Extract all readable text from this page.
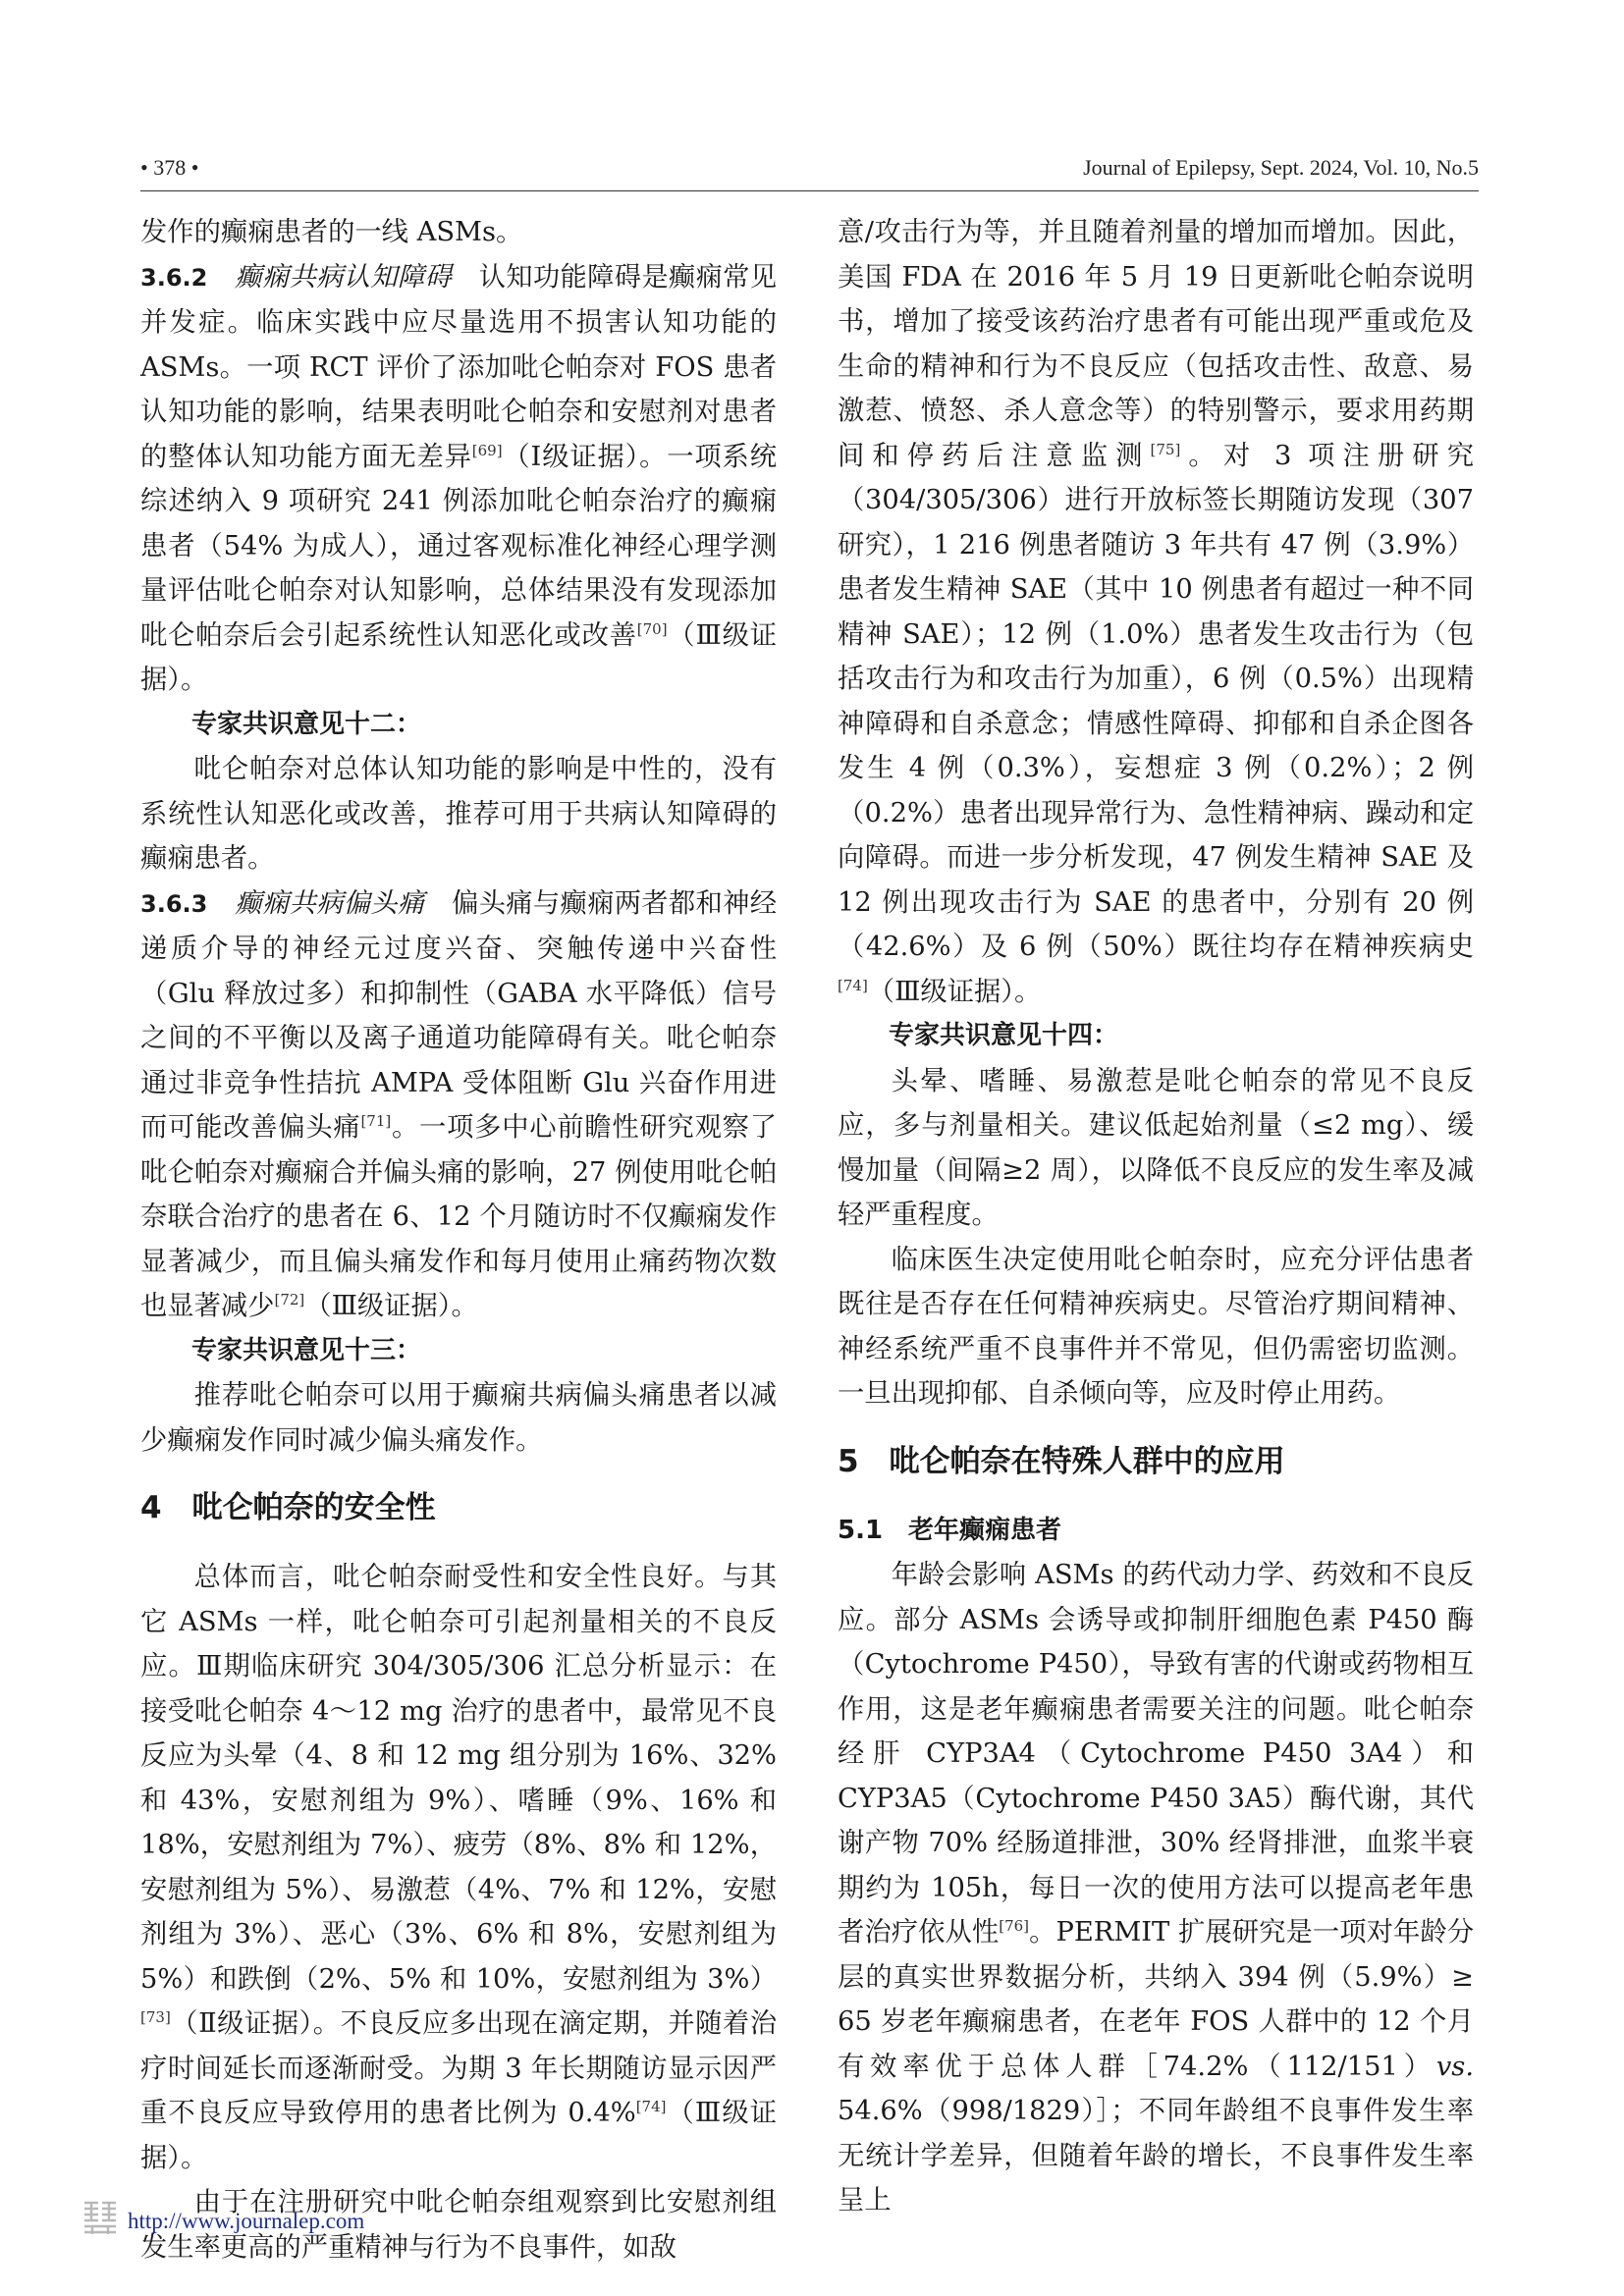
• 378 •	Journal of Epilepsy, Sept. 2024, Vol. 10, No.5

发作的癫痫患者的一线 ASMs。

3.6.2　 癫痫共病认知障碍　 认知功能障碍是癫痫常见并发症。临床实践中应尽量选用不损害认知功能的 ASMs。一项 RCT 评价了添加吡仑帕奈对 FOS 患者认知功能的影响，结果表明吡仑帕奈和安慰剂对患者的整体认知功能方面无差异[69]（Ⅰ级证据）。一项系统综述纳入 9 项研究 241 例添加吡仑帕奈治疗的癫痫患者（54% 为成人），通过客观标准化神经心理学测量评估吡仑帕奈对认知影响，总体结果没有发现添加吡仑帕奈后会引起系统性认知恶化或改善[70]（Ⅲ级证据）。

专家共识意见十二：

吡仑帕奈对总体认知功能的影响是中性的，没有系统性认知恶化或改善，推荐可用于共病认知障碍的癫痫患者。

3.6.3　 癫痫共病偏头痛　 偏头痛与癫痫两者都和神经递质介导的神经元过度兴奋、突触传递中兴奋性（Glu 释放过多）和抑制性（GABA 水平降低）信号之间的不平衡以及离子通道功能障碍有关。吡仑帕奈通过非竞争性拮抗 AMPA 受体阻断 Glu 兴奋作用进而可能改善偏头痛[71]。一项多中心前瞻性研究观察了吡仑帕奈对癫痫合并偏头痛的影响，27 例使用吡仑帕奈联合治疗的患者在 6、12 个月随访时不仅癫痫发作显著减少，而且偏头痛发作和每月使用止痛药物次数也显著减少[72]（Ⅲ级证据）。

专家共识意见十三：

推荐吡仑帕奈可以用于癫痫共病偏头痛患者以减少癫痫发作同时减少偏头痛发作。

4　吡仑帕奈的安全性

总体而言，吡仑帕奈耐受性和安全性良好。与其它 ASMs 一样，吡仑帕奈可引起剂量相关的不良反应。Ⅲ期临床研究 304/305/306 汇总分析显示：在接受吡仑帕奈 4～12 mg 治疗的患者中，最常见不良反应为头晕（4、8 和 12 mg 组分别为 16%、32% 和 43%，安慰剂组为 9%）、嗜睡（9%、16% 和 18%，安慰剂组为 7%）、疲劳（8%、8% 和 12%，安慰剂组为 5%）、易激惹（4%、7% 和 12%，安慰剂组为 3%）、恶心（3%、6% 和 8%，安慰剂组为 5%）和跌倒（2%、5% 和 10%，安慰剂组为 3%）[73]（Ⅱ级证据）。不良反应多出现在滴定期，并随着治疗时间延长而逐渐耐受。为期 3 年长期随访显示因严重不良反应导致停用的患者比例为 0.4%[74]（Ⅲ级证据）。

由于在注册研究中吡仑帕奈组观察到比安慰剂组发生率更高的严重精神与行为不良事件，如敌

意/攻击行为等，并且随着剂量的增加而增加。因此，美国 FDA 在 2016 年 5 月 19 日更新吡仑帕奈说明书，增加了接受该药治疗患者有可能出现严重或危及生命的精神和行为不良反应（包括攻击性、敌意、易激惹、愤怒、杀人意念等）的特别警示，要求用药期间和停药后注意监测[75]。对 3 项注册研究（304/305/306）进行开放标签长期随访发现（307 研究），1 216 例患者随访 3 年共有 47 例（3.9%）患者发生精神 SAE（其中 10 例患者有超过一种不同精神 SAE）；12 例（1.0%）患者发生攻击行为（包括攻击行为和攻击行为加重），6 例（0.5%）出现精神障碍和自杀意念；情感性障碍、抑郁和自杀企图各发生 4 例（0.3%），妄想症 3 例（0.2%）；2 例（0.2%）患者出现异常行为、急性精神病、躁动和定向障碍。而进一步分析发现，47 例发生精神 SAE 及 12 例出现攻击行为 SAE 的患者中，分别有 20 例（42.6%）及 6 例（50%）既往均存在精神疾病史[74]（Ⅲ级证据）。

专家共识意见十四：

头晕、嗜睡、易激惹是吡仑帕奈的常见不良反应，多与剂量相关。建议低起始剂量（≤2 mg）、缓慢加量（间隔≥2 周），以降低不良反应的发生率及减轻严重程度。

临床医生决定使用吡仑帕奈时，应充分评估患者既往是否存在任何精神疾病史。尽管治疗期间精神、神经系统严重不良事件并不常见，但仍需密切监测。一旦出现抑郁、自杀倾向等，应及时停止用药。

5　吡仑帕奈在特殊人群中的应用

5.1　老年癫痫患者

年龄会影响 ASMs 的药代动力学、药效和不良反应。部分 ASMs 会诱导或抑制肝细胞色素 P450 酶（Cytochrome P450），导致有害的代谢或药物相互作用，这是老年癫痫患者需要关注的问题。吡仑帕奈经肝 CYP3A4（Cytochrome P450 3A4）和 CYP3A5（Cytochrome P450 3A5）酶代谢，其代谢产物 70% 经肠道排泄，30% 经肾排泄，血浆半衰期约为 105h，每日一次的使用方法可以提高老年患者治疗依从性[76]。PERMIT 扩展研究是一项对年龄分层的真实世界数据分析，共纳入 394 例（5.9%）≥ 65 岁老年癫痫患者，在老年 FOS 人群中的 12 个月有效率优于总体人群［74.2%（112/151）vs. 54.6%（998/1829）］；不同年龄组不良事件发生率无统计学差异，但随着年龄的增长，不良事件发生率呈上

http://www.journalep.com
